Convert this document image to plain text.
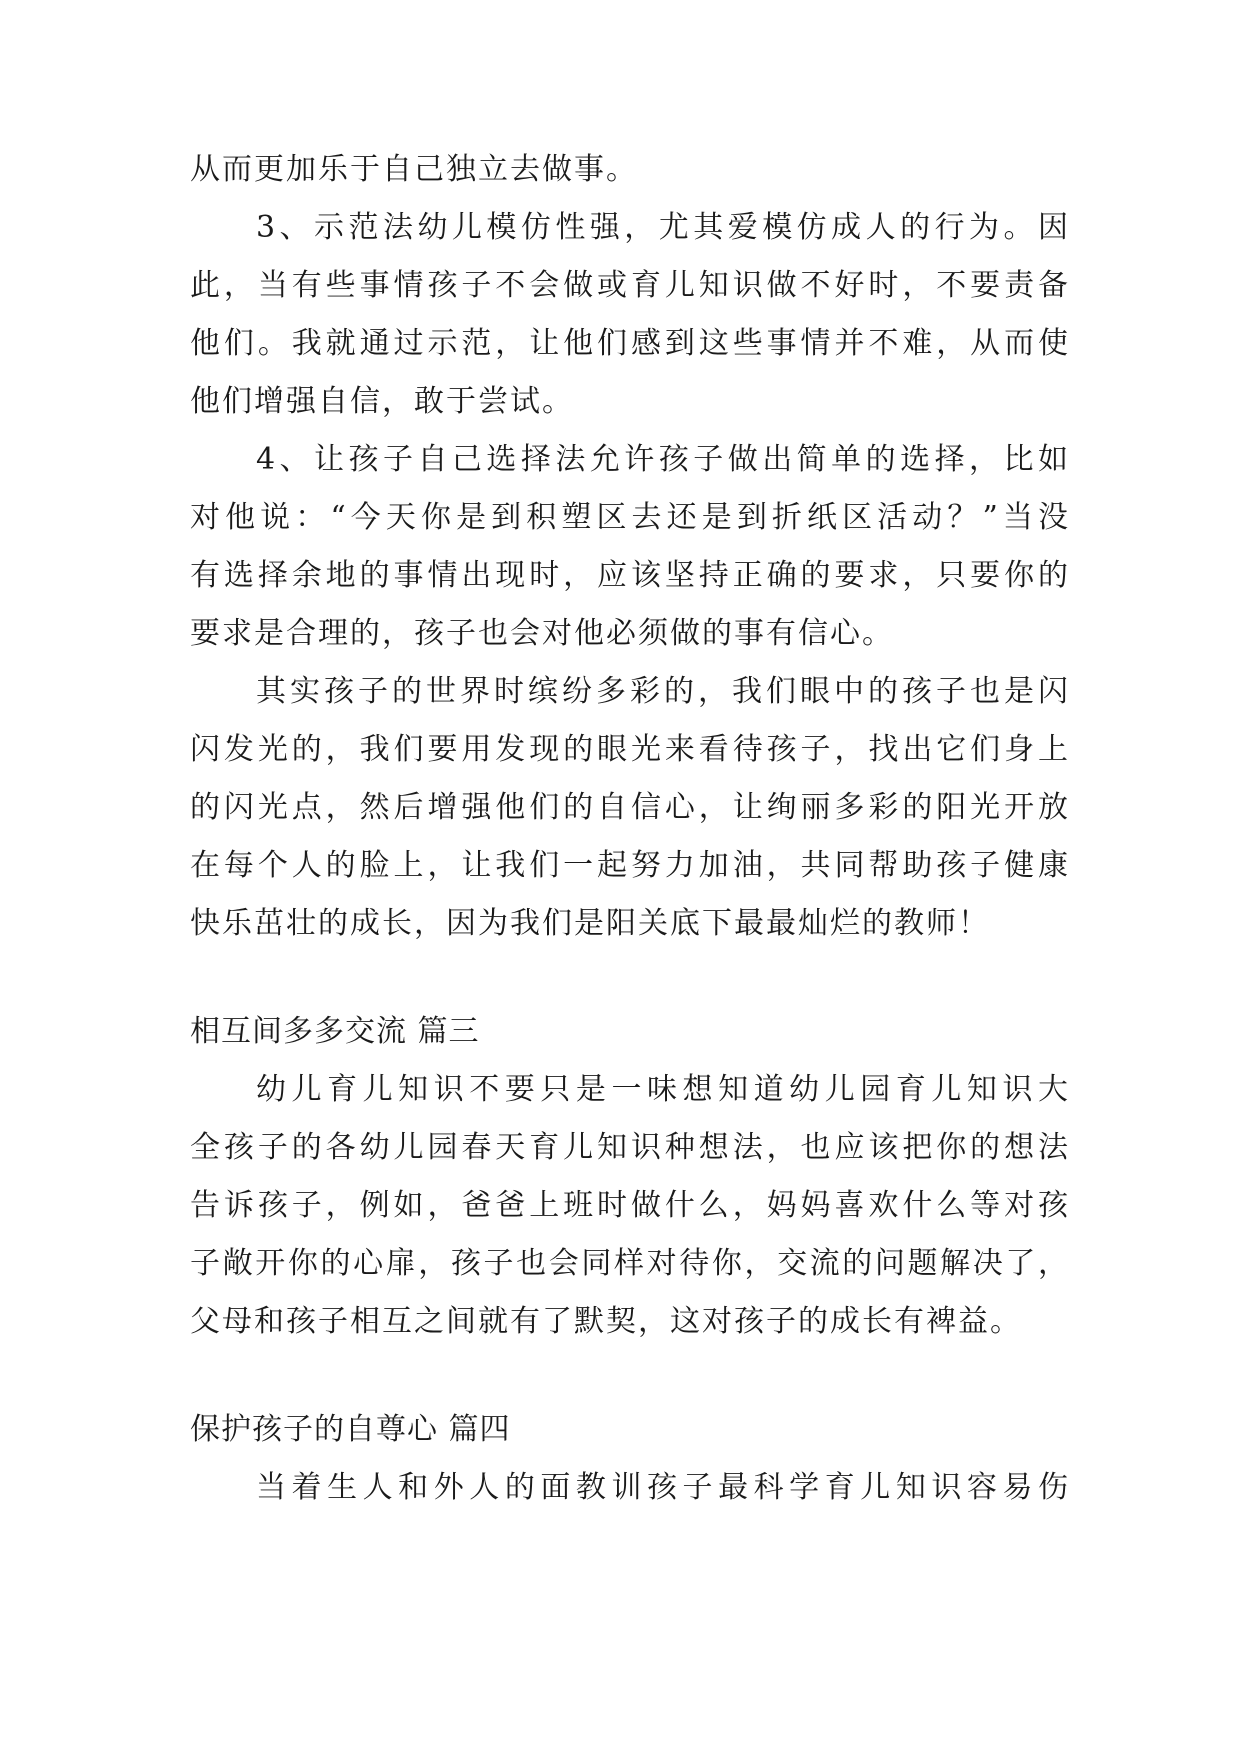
从而更加乐于自己独立去做事。
3、示范法幼儿模仿性强，尤其爱模仿成人的行为。因
此，当有些事情孩子不会做或育儿知识做不好时，不要责备
他们。我就通过示范，让他们感到这些事情并不难，从而使
他们增强自信，敢于尝试。
4、让孩子自己选择法允许孩子做出简单的选择，比如
对他说：“今天你是到积塑区去还是到折纸区活动？”当没
有选择余地的事情出现时，应该坚持正确的要求，只要你的
要求是合理的，孩子也会对他必须做的事有信心。
其实孩子的世界时缤纷多彩的，我们眼中的孩子也是闪
闪发光的，我们要用发现的眼光来看待孩子，找出它们身上
的闪光点，然后增强他们的自信心，让绚丽多彩的阳光开放
在每个人的脸上，让我们一起努力加油，共同帮助孩子健康
快乐茁壮的成长，因为我们是阳关底下最最灿烂的教师！
相互间多多交流 篇三
幼儿育儿知识不要只是一味想知道幼儿园育儿知识大
全孩子的各幼儿园春天育儿知识种想法，也应该把你的想法
告诉孩子，例如，爸爸上班时做什么，妈妈喜欢什么等对孩
子敞开你的心扉，孩子也会同样对待你，交流的问题解决了，
父母和孩子相互之间就有了默契，这对孩子的成长有裨益。
保护孩子的自尊心 篇四
当着生人和外人的面教训孩子最科学育儿知识容易伤
